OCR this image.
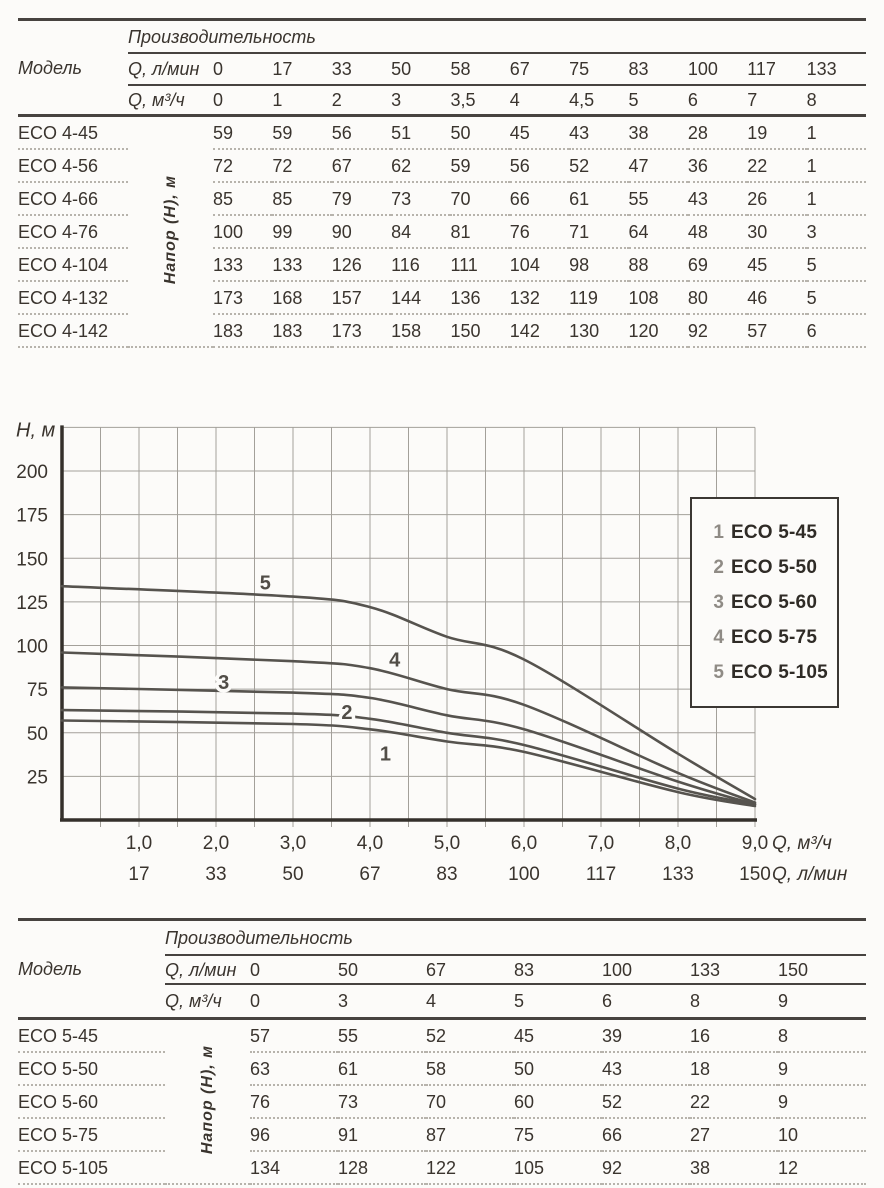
Модель	Производительность											
	Q, л/мин	0	17	33	50	58	67	75	83	100	117	133
	Q, м³/ч	0	1	2	3	3,5	4	4,5	5	6	7	8
ECO 4-45	Напор (Н), м	59	59	56	51	50	45	43	38	28	19	1
ECO 4-56		72	72	67	62	59	56	52	47	36	22	1
ECO 4-66		85	85	79	73	70	66	61	55	43	26	1
ECO 4-76		100	99	90	84	81	76	71	64	48	30	3
ECO 4-104		133	133	126	116	111	104	98	88	69	45	5
ECO 4-132		173	168	157	144	136	132	119	108	80	46	5
ECO 4-142		183	183	173	158	150	142	130	120	92	57	6
1
2
3
4
5
25
50
75
100
125
150
175
200
H, м
1,0
17
2,0
33
3,0
50
4,0
67
5,0
83
6,0
100
7,0
117
8,0
133
9,0
150
Q, м³/ч
Q, л/мин
1 ECO 5-45
2 ECO 5-50
3 ECO 5-60
4 ECO 5-75
5 ECO 5-105
Модель	Производительность							
	Q, л/мин	0	50	67	83	100	133	150
	Q, м³/ч	0	3	4	5	6	8	9
ECO 5-45	Напор (Н), м	57	55	52	45	39	16	8
ECO 5-50		63	61	58	50	43	18	9
ECO 5-60		76	73	70	60	52	22	9
ECO 5-75		96	91	87	75	66	27	10
ECO 5-105		134	128	122	105	92	38	12
